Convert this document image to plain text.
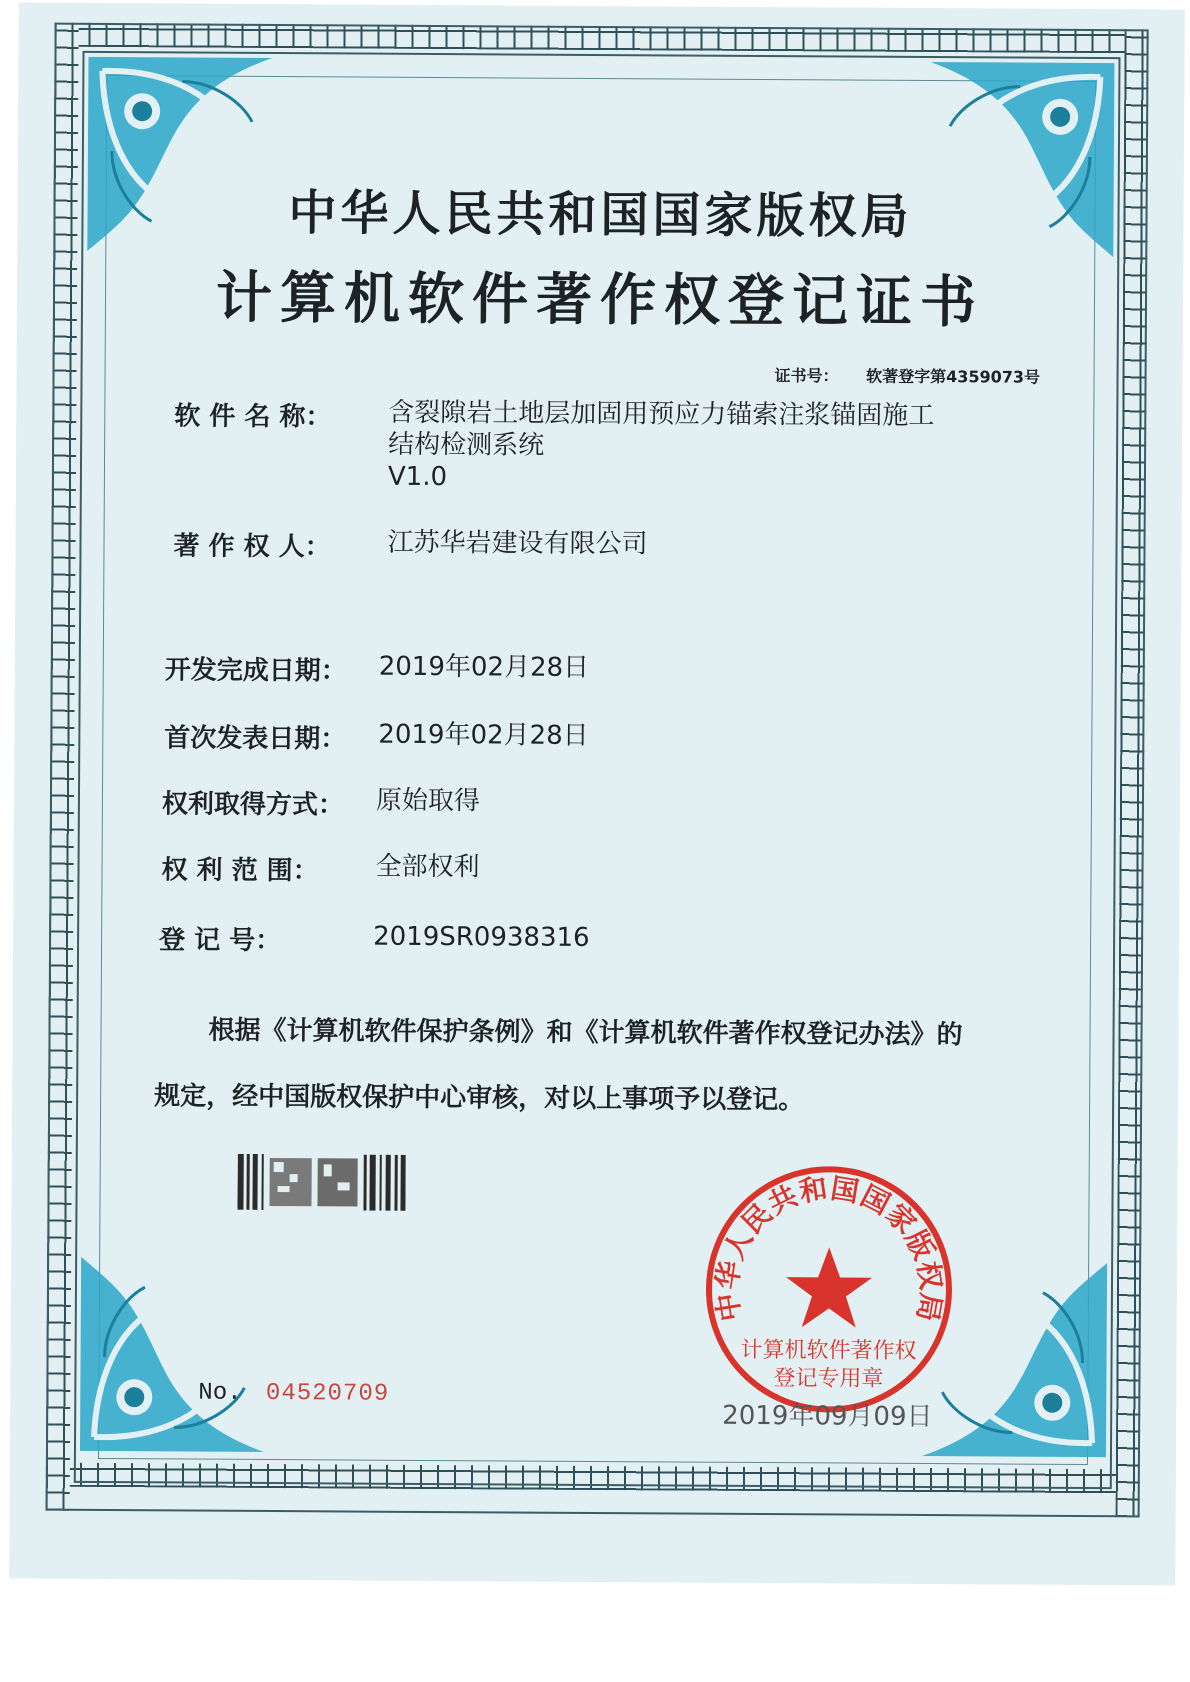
中华人民共和国国家版权局
计算机软件著作权登记证书
证书号： 软著登字第4359073号
软 件 名 称：	含裂隙岩土地层加固用预应力锚索注浆锚固施工
结构检测系统
V1.0
著 作 权 人：	江苏华岩建设有限公司
开发完成日期：	2019年02月28日
首次发表日期：	2019年02月28日
权利取得方式：	原始取得
权 利 范 围：	全部权利
登 记 号：	2019SR0938316
根据《计算机软件保护条例》和《计算机软件著作权登记办法》的
规定，经中国版权保护中心审核，对以上事项予以登记。
No. 04520709
中华人民共和国国家版权局
计算机软件著作权
登记专用章
2019年09月09日
